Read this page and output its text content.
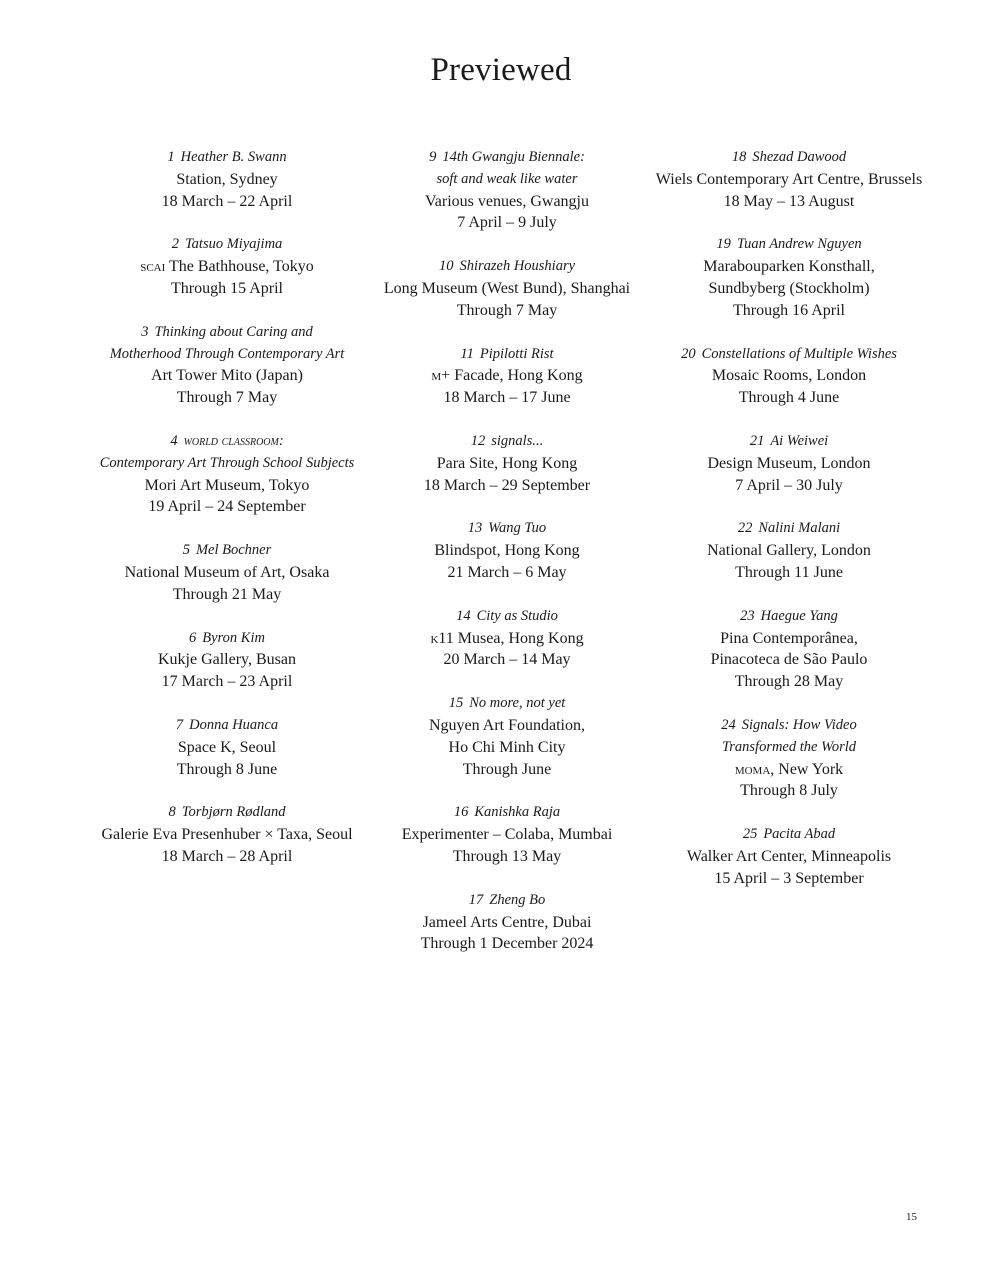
Previewed
1 Heather B. Swann
Station, Sydney
18 March – 22 April
2 Tatsuo Miyajima
scai The Bathhouse, Tokyo
Through 15 April
3 Thinking about Caring and
Motherhood Through Contemporary Art
Art Tower Mito (Japan)
Through 7 May
4 world classroom:
Contemporary Art Through School Subjects
Mori Art Museum, Tokyo
19 April – 24 September
5 Mel Bochner
National Museum of Art, Osaka
Through 21 May
6 Byron Kim
Kukje Gallery, Busan
17 March – 23 April
7 Donna Huanca
Space K, Seoul
Through 8 June
8 Torbjørn Rødland
Galerie Eva Presenhuber × Taxa, Seoul
18 March – 28 April
9 14th Gwangju Biennale:
soft and weak like water
Various venues, Gwangju
7 April – 9 July
10 Shirazeh Houshiary
Long Museum (West Bund), Shanghai
Through 7 May
11 Pipilotti Rist
m+ Facade, Hong Kong
18 March – 17 June
12 signals...
Para Site, Hong Kong
18 March – 29 September
13 Wang Tuo
Blindspot, Hong Kong
21 March – 6 May
14 City as Studio
k11 Musea, Hong Kong
20 March – 14 May
15 No more, not yet
Nguyen Art Foundation,
Ho Chi Minh City
Through June
16 Kanishka Raja
Experimenter – Colaba, Mumbai
Through 13 May
17 Zheng Bo
Jameel Arts Centre, Dubai
Through 1 December 2024
18 Shezad Dawood
Wiels Contemporary Art Centre, Brussels
18 May – 13 August
19 Tuan Andrew Nguyen
Marabouparken Konsthall,
Sundbyberg (Stockholm)
Through 16 April
20 Constellations of Multiple Wishes
Mosaic Rooms, London
Through 4 June
21 Ai Weiwei
Design Museum, London
7 April – 30 July
22 Nalini Malani
National Gallery, London
Through 11 June
23 Haegue Yang
Pina Contemporânea,
Pinacoteca de São Paulo
Through 28 May
24 Signals: How Video
Transformed the World
moma, New York
Through 8 July
25 Pacita Abad
Walker Art Center, Minneapolis
15 April – 3 September
15
